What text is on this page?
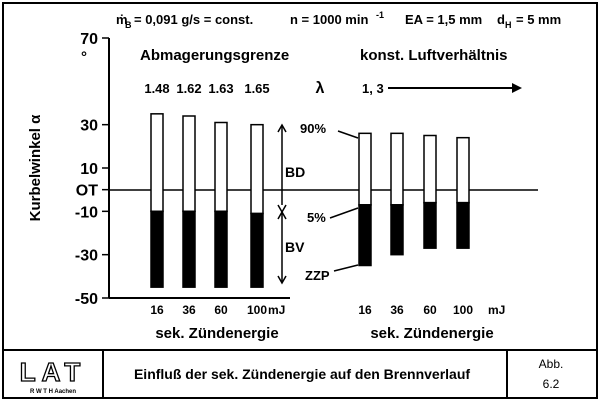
ṁ
B = 0,091 g/s = const.	n = 1000 min -1 EA = 1,5 mm d H = 5 mm
Kurbelwinkel α
°
70
30
10
OT
-10
-30
-50
16 36 60 100	16 36 60 100
1.48 1.62 1.63 1.65
Abmagerungsgrenze	konst. Luftverhältnis
λ	1, 3
BD
BV
90%
5%
ZZP
mJ	mJ
sek. Zündenergie	sek. Zündenergie
LAT
R W T H Aachen
Einfluß der sek. Zündenergie auf den Brennverlauf
Abb.
6.2
